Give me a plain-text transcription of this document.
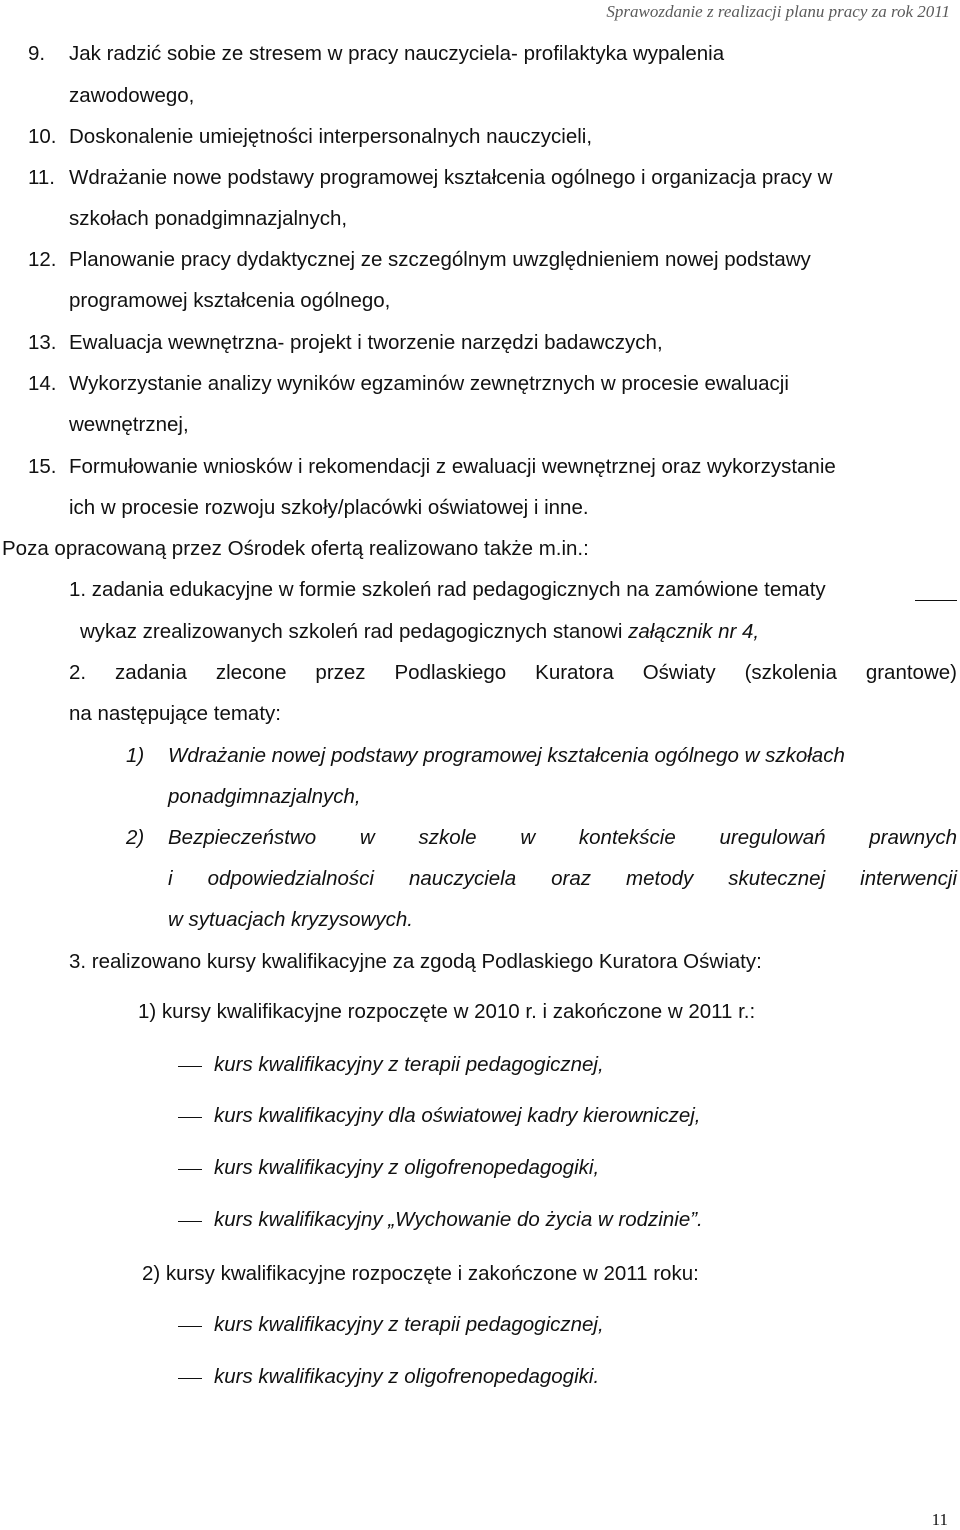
Sprawozdanie z realizacji planu pracy za rok 2011
9. Jak radzić sobie ze stresem w pracy nauczyciela- profilaktyka wypalenia
zawodowego,
10. Doskonalenie umiejętności interpersonalnych nauczycieli,
11. Wdrażanie nowe podstawy programowej kształcenia ogólnego i organizacja pracy w
szkołach ponadgimnazjalnych,
12. Planowanie pracy dydaktycznej ze szczególnym uwzględnieniem nowej podstawy
programowej kształcenia ogólnego,
13. Ewaluacja wewnętrzna- projekt i tworzenie narzędzi badawczych,
14. Wykorzystanie analizy wyników egzaminów zewnętrznych w procesie ewaluacji
wewnętrznej,
15. Formułowanie wniosków i rekomendacji z ewaluacji wewnętrznej oraz wykorzystanie
ich w procesie rozwoju szkoły/placówki oświatowej i inne.
Poza opracowaną przez Ośrodek ofertą realizowano także m.in.:
1. zadania edukacyjne w formie szkoleń rad pedagogicznych na zamówione tematy
wykaz zrealizowanych szkoleń rad pedagogicznych stanowi załącznik nr 4,
2. zadania zlecone przez Podlaskiego Kuratora Oświaty (szkolenia grantowe)
na następujące tematy:
1) Wdrażanie nowej podstawy programowej kształcenia ogólnego w szkołach
ponadgimnazjalnych,
2) Bezpieczeństwo w szkole w kontekście uregulowań prawnych
i odpowiedzialności nauczyciela oraz metody skutecznej interwencji
w sytuacjach kryzysowych.
3. realizowano kursy kwalifikacyjne za zgodą Podlaskiego Kuratora Oświaty:
1) kursy kwalifikacyjne rozpoczęte w 2010 r. i zakończone w 2011 r.:
kurs kwalifikacyjny z terapii pedagogicznej,
kurs kwalifikacyjny dla oświatowej kadry kierowniczej,
kurs kwalifikacyjny z oligofrenopedagogiki,
kurs kwalifikacyjny „Wychowanie do życia w rodzinie”.
2) kursy kwalifikacyjne rozpoczęte i zakończone w 2011 roku:
kurs kwalifikacyjny z terapii pedagogicznej,
kurs kwalifikacyjny z oligofrenopedagogiki.
11
